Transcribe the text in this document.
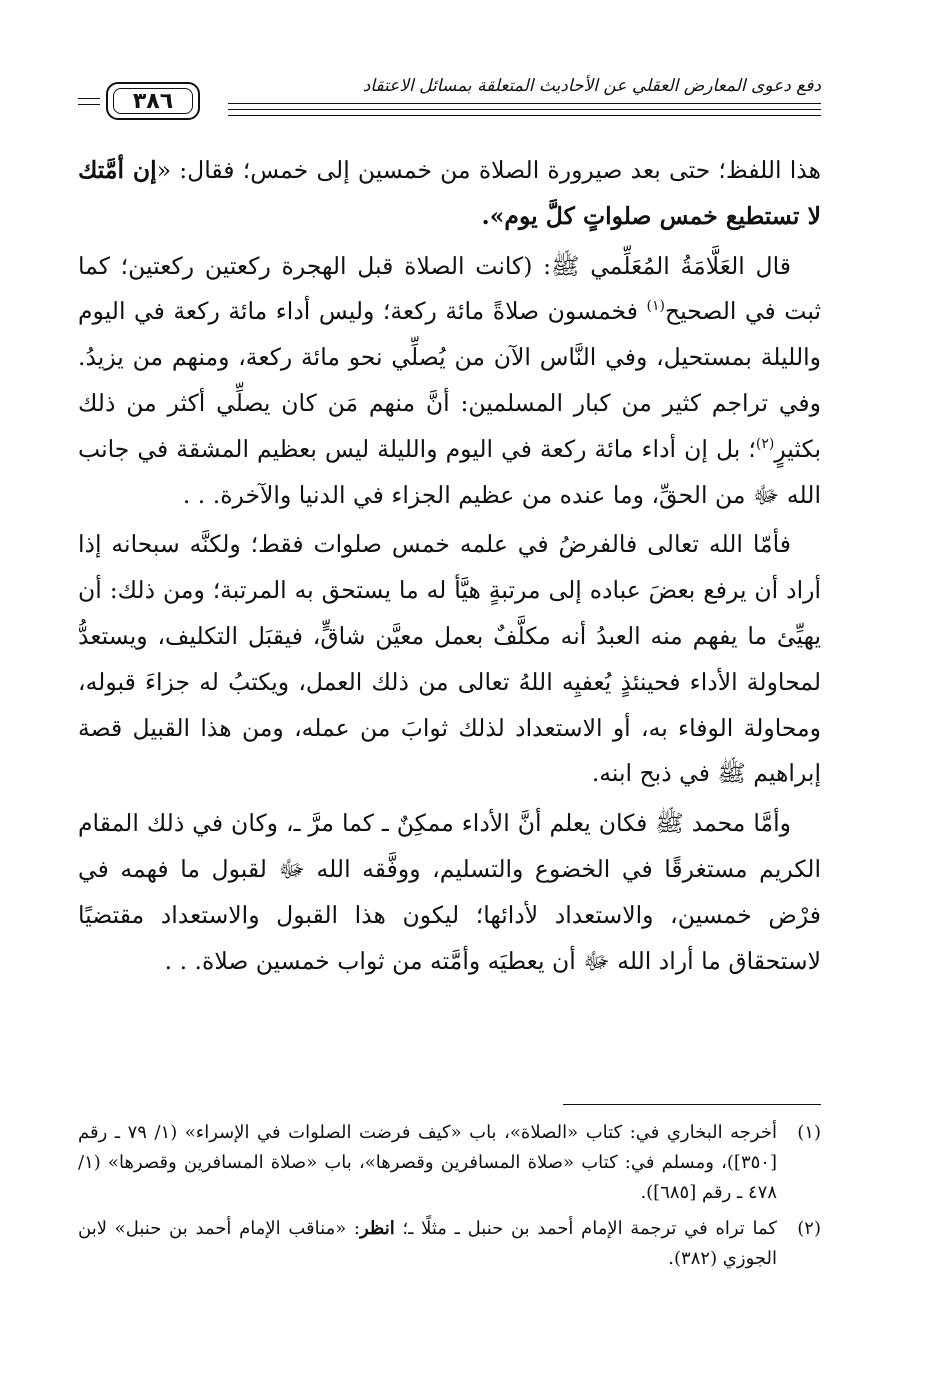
دفع دعوى المعارض العقلي عن الأحاديث المتعلقة بمسائل الاعتقاد
٣٨٦

هذا اللفظ؛ حتى بعد صيرورة الصلاة من خمسين إلى خمس؛ فقال: «إن أمَّتك لا تستطيع خمس صلواتٍ كلَّ يوم».

قال العَلَّامَةُ المُعَلِّمي ﷺ: (كانت الصلاة قبل الهجرة ركعتين ركعتين؛ كما ثبت في الصحيح$^{(١)}$ فخمسون صلاةً مائة ركعة؛ وليس أداء مائة ركعة في اليوم والليلة بمستحيل، وفي النَّاس الآن من يُصلِّي نحو مائة ركعة، ومنهم من يزيدُ. وفي تراجم كثير من كبار المسلمين: أنَّ منهم مَن كان يصلِّي أكثر من ذلك بكثيرٍ$^{(٢)}$؛ بل إن أداء مائة ركعة في اليوم والليلة ليس بعظيم المشقة في جانب الله ﷻ من الحقِّ، وما عنده من عظيم الجزاء في الدنيا والآخرة. . .

فأمّا الله تعالى فالفرضُ في علمه خمس صلوات فقط؛ ولكنَّه سبحانه إذا أراد أن يرفع بعضَ عباده إلى مرتبةٍ هيَّأ له ما يستحق به المرتبة؛ ومن ذلك: أن يهيِّئ ما يفهم منه العبدُ أنه مكلَّفٌ بعمل معيَّن شاقٍّ، فيقبَل التكليف، ويستعدُّ لمحاولة الأداء فحينئذٍ يُعفيِه اللهُ تعالى من ذلك العمل، ويكتبُ له جزاءَ قبوله، ومحاولة الوفاء به، أو الاستعداد لذلك ثوابَ من عمله، ومن هذا القبيل قصة إبراهيم ﷺ في ذبح ابنه.

وأمَّا محمد ﷺ فكان يعلم أنَّ الأداء ممكِنٌ ـ كما مرَّ ـ، وكان في ذلك المقام الكريم مستغرقًا في الخضوع والتسليم، ووفَّقه الله ﷻ لقبول ما فهمه في فرْض خمسين، والاستعداد لأدائها؛ ليكون هذا القبول والاستعداد مقتضيًا لاستحقاق ما أراد الله ﷻ أن يعطيَه وأمَّته من ثواب خمسين صلاة. . .

(١)
أخرجه البخاري في: كتاب «الصلاة»، باب «كيف فرضت الصلوات في الإسراء» (١/ ٧٩ ـ رقم [٣٥٠])، ومسلم في: كتاب «صلاة المسافرين وقصرها»، باب «صلاة المسافرين وقصرها» (١/ ٤٧٨ ـ رقم [٦٨٥]).

(٢)
كما تراه في ترجمة الإمام أحمد بن حنبل ـ مثلًا ـ؛ انظر: «مناقب الإمام أحمد بن حنبل» لابن الجوزي (٣٨٢).
